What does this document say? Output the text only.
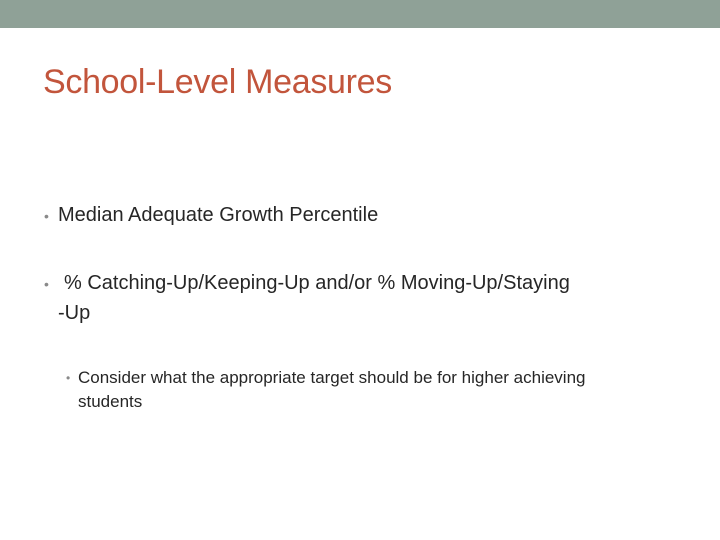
School-Level Measures
• Median Adequate Growth Percentile
• % Catching-Up/Keeping-Up and/or % Moving-Up/Staying
-Up
• Consider what the appropriate target should be for higher achieving
students
